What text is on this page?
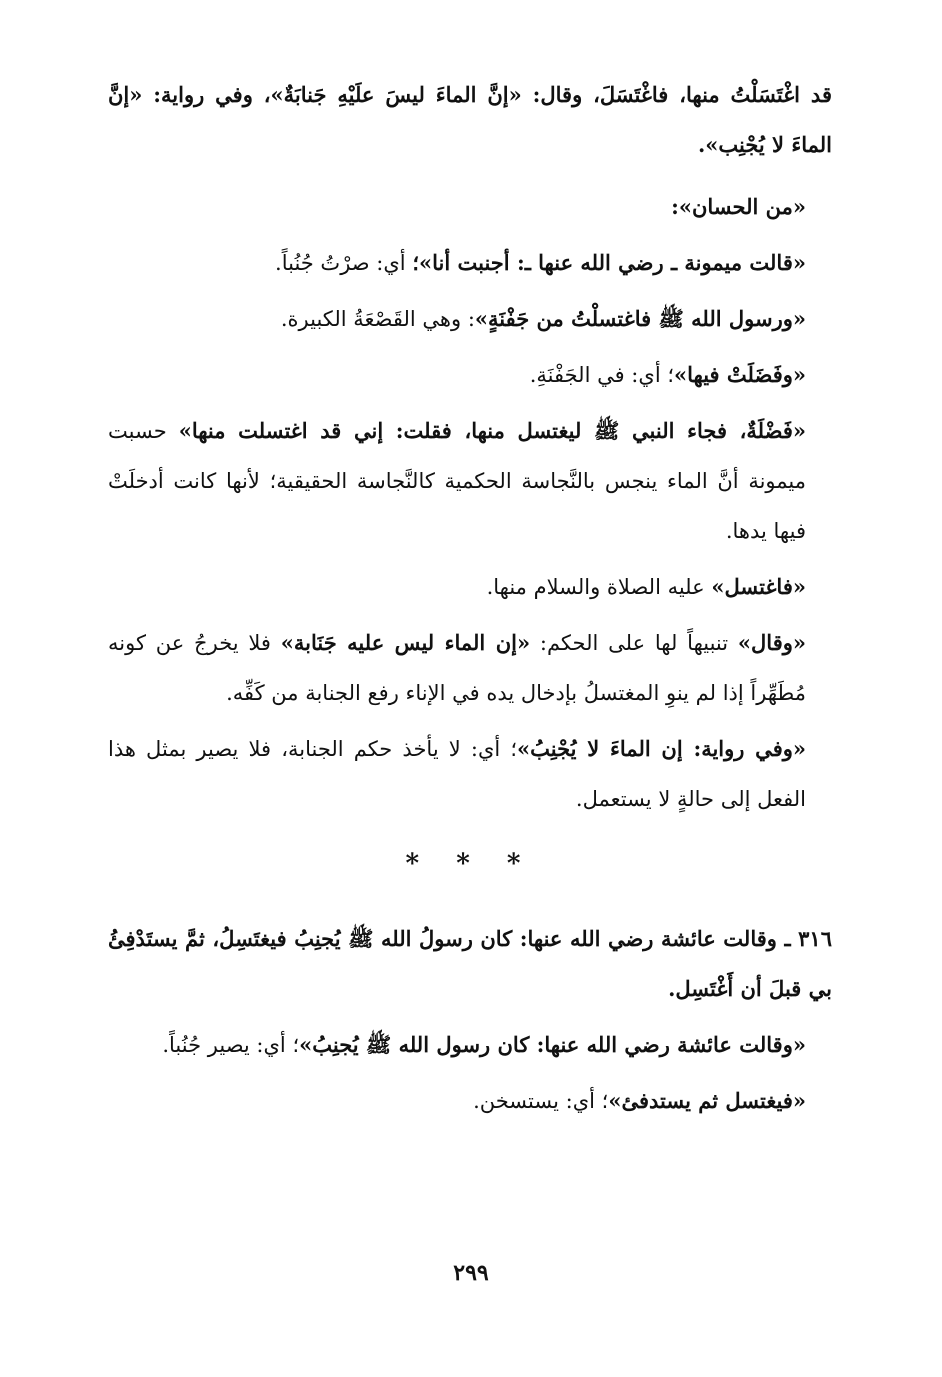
قد اغْتَسَلْتُ منها، فاغْتَسَلَ، وقال: «إنَّ الماءَ ليسَ علَيْهِ جَنابَةٌ»، وفي رواية: «إنَّ الماءَ لا يُجْنِب».

«من الحسان»:

«قالت ميمونة ـ رضي الله عنها ـ: أجنبت أنا»؛ أي: صرْتُ جُنُباً.

«ورسول الله ﷺ فاغتسلْتُ من جَفْنَةٍ»: وهي القَصْعَةُ الكبيرة.

«وفَضَلَتْ فيها»؛ أي: في الجَفْنَةِ.

«فَضْلَةٌ، فجاء النبي ﷺ ليغتسل منها، فقلت: إني قد اغتسلت منها» حسبت ميمونة أنَّ الماء ينجس بالنَّجاسة الحكمية كالنَّجاسة الحقيقية؛ لأنها كانت أدخلَتْ فيها يدها.

«فاغتسل» عليه الصلاة والسلام منها.

«وقال» تنبيهاً لها على الحكم: «إن الماء ليس عليه جَنَابة» فلا يخرجُ عن كونه مُطَهِّراً إذا لم ينوِ المغتسلُ بإدخال يده في الإناء رفع الجنابة من كَفِّه.

«وفي رواية: إن الماءَ لا يُجْنِبُ»؛ أي: لا يأخذ حكم الجنابة، فلا يصير بمثل هذا الفعل إلى حالةٍ لا يستعمل.

* * *

٣١٦ ـ وقالت عائشة رضي الله عنها: كان رسولُ الله ﷺ يُجنِبُ فيغتَسِلُ، ثمَّ يستَدْفِئُ بي قبلَ أن أَغْتَسِل.

«وقالت عائشة رضي الله عنها: كان رسول الله ﷺ يُجنِبُ»؛ أي: يصير جُنُباً.

«فيغتسل ثم يستدفئ»؛ أي: يستسخن.

٢٩٩
